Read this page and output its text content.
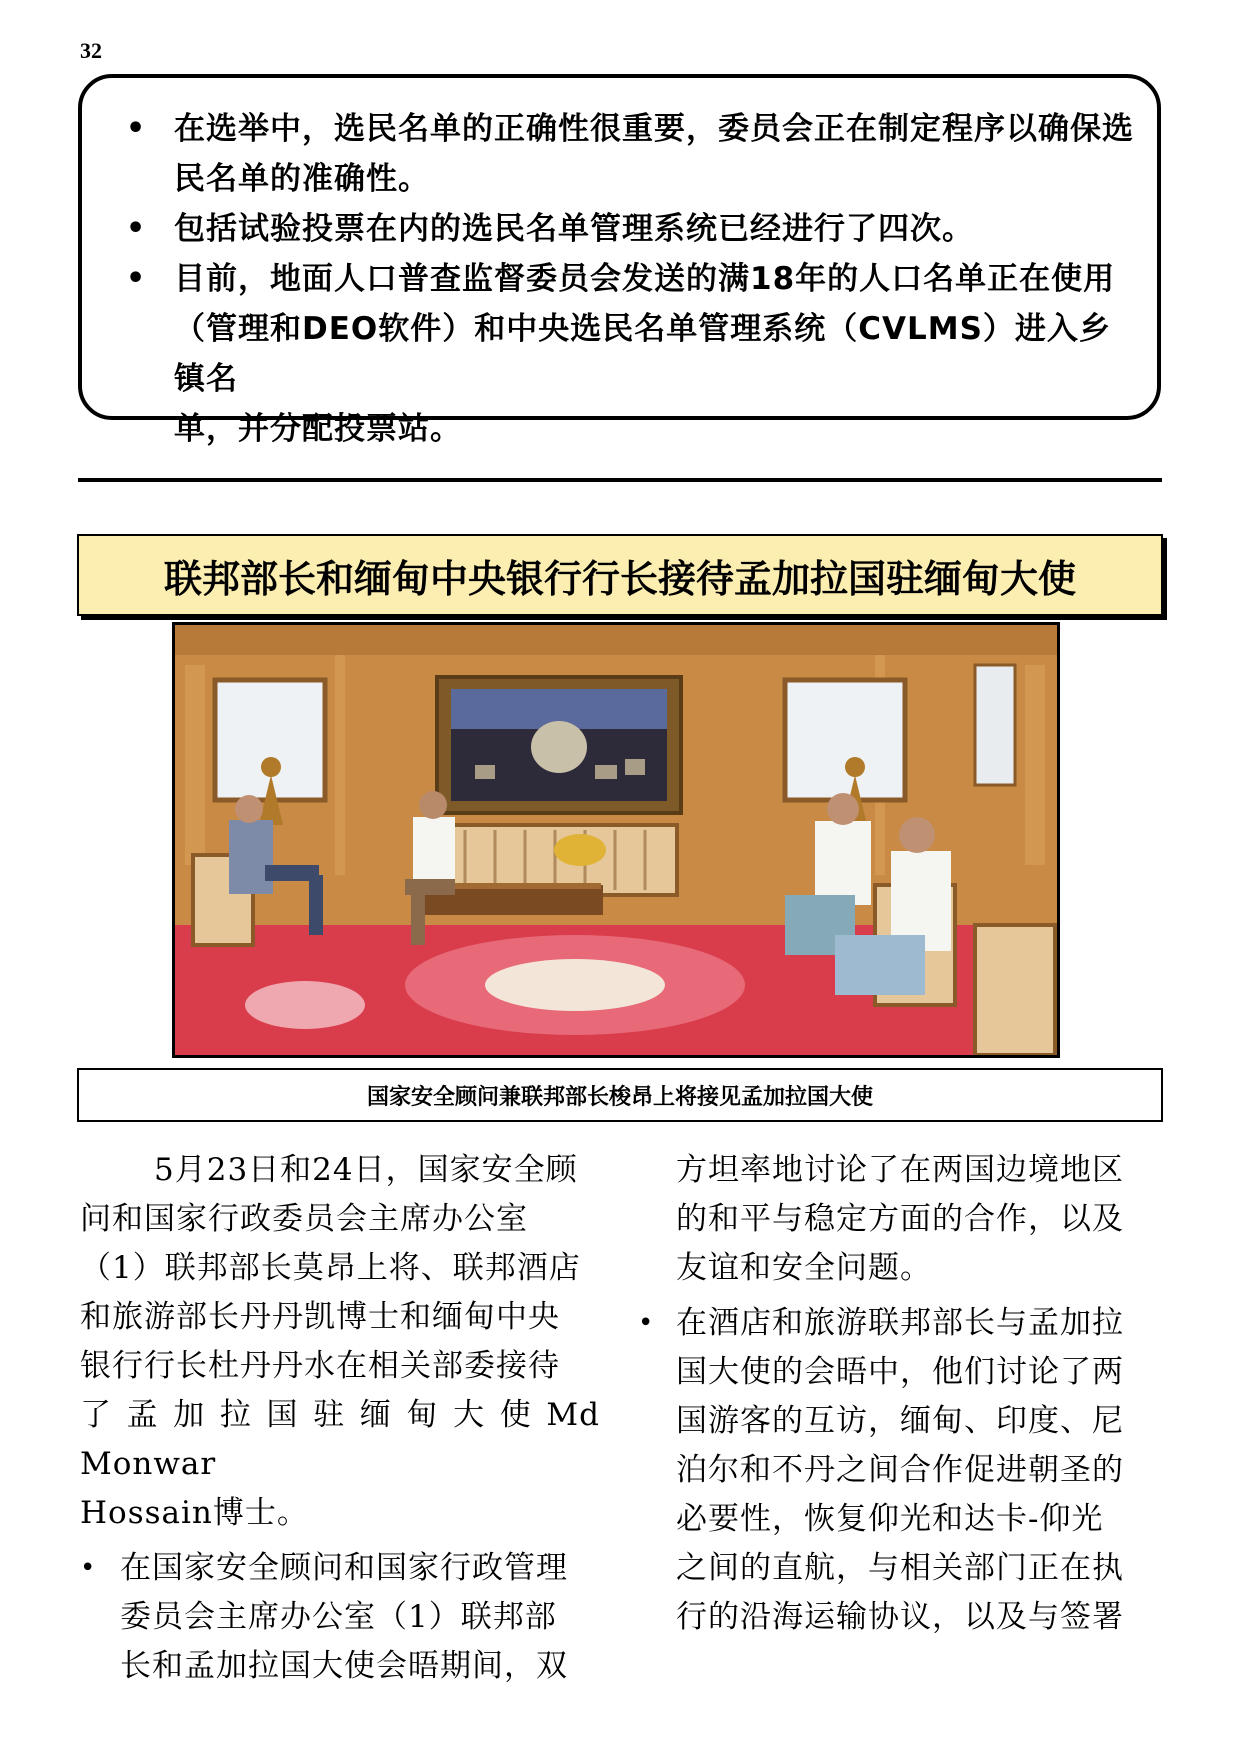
32
• 在选举中，选民名单的正确性很重要，委员会正在制定程序以确保选
民名单的准确性。
• 包括试验投票在内的选民名单管理系统已经进行了四次。
• 目前，地面人口普查监督委员会发送的满18年的人口名单正在使用
（管理和DEO软件）和中央选民名单管理系统（CVLMS）进入乡镇名
单，并分配投票站。
联邦部长和缅甸中央银行行长接待孟加拉国驻缅甸大使
国家安全顾问兼联邦部长梭昂上将接见孟加拉国大使

5月23日和24日，国家安全顾

问和国家行政委员会主席办公室

（1）联邦部长莫昂上将、联邦酒店

和旅游部长丹丹凯博士和缅甸中央

银行行长杜丹丹水在相关部委接待

了孟加拉国驻缅甸大使Md　Monwar

Hossain博士。

• 在国家安全顾问和国家行政管理

委员会主席办公室（1）联邦部

长和孟加拉国大使会晤期间，双

方坦率地讨论了在两国边境地区

的和平与稳定方面的合作，以及

友谊和安全问题。

• 在酒店和旅游联邦部长与孟加拉

国大使的会晤中，他们讨论了两

国游客的互访，缅甸、印度、尼

泊尔和不丹之间合作促进朝圣的

必要性，恢复仰光和达卡-仰光

之间的直航，与相关部门正在执

行的沿海运输协议，以及与签署
